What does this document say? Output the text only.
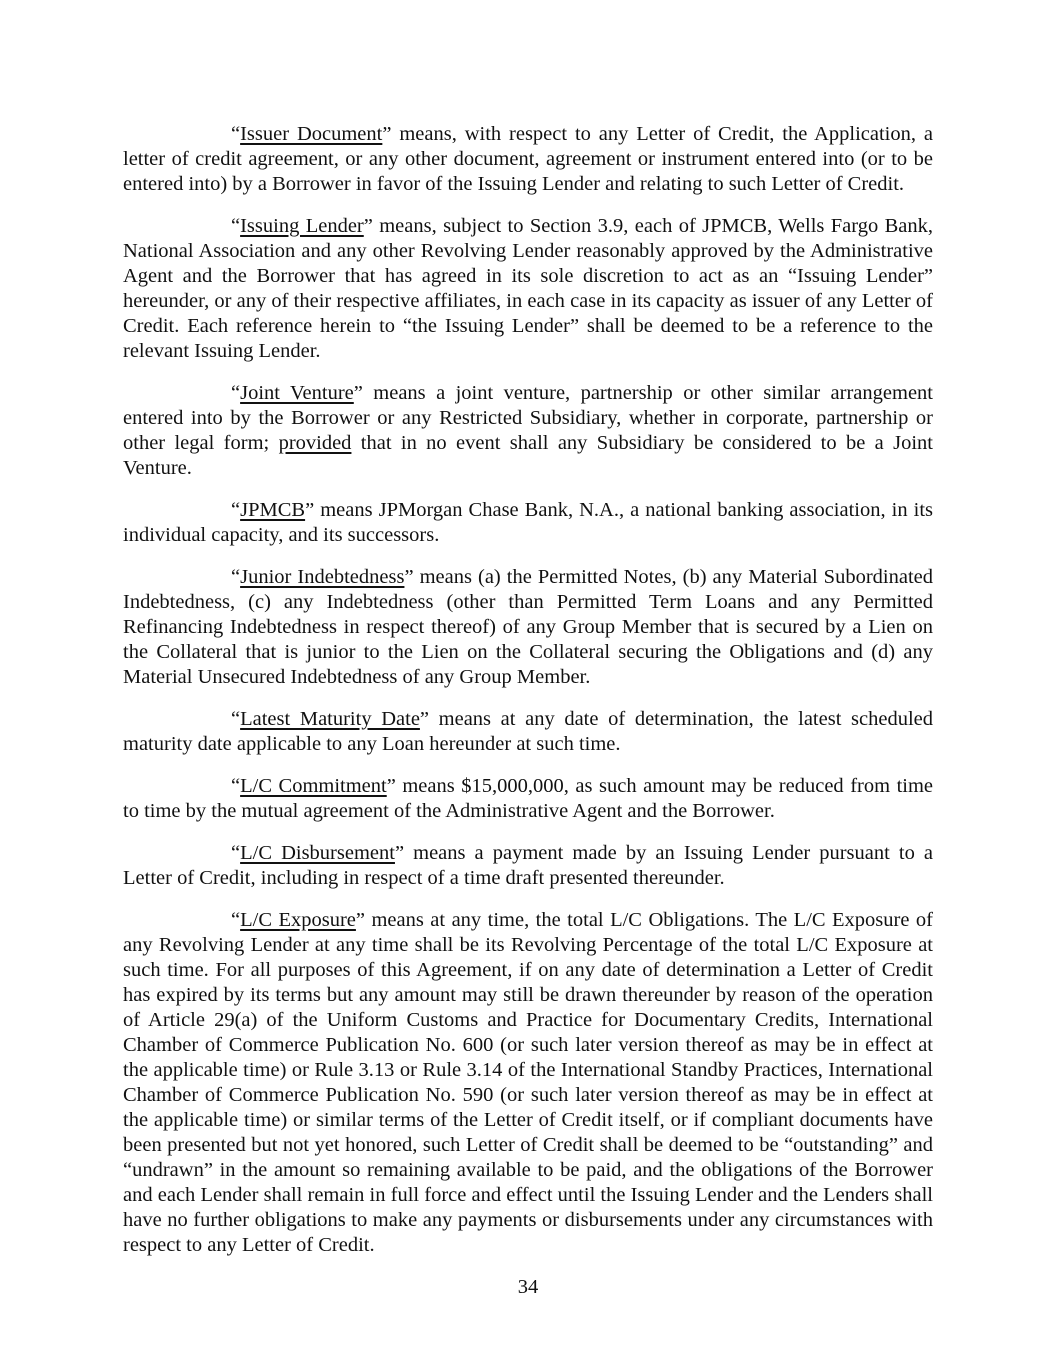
“Issuer Document” means, with respect to any Letter of Credit, the Application, a letter of credit agreement, or any other document, agreement or instrument entered into (or to be entered into) by a Borrower in favor of the Issuing Lender and relating to such Letter of Credit.

“Issuing Lender” means, subject to Section 3.9, each of JPMCB, Wells Fargo Bank, National Association and any other Revolving Lender reasonably approved by the Administrative Agent and the Borrower that has agreed in its sole discretion to act as an “Issuing Lender” hereunder, or any of their respective affiliates, in each case in its capacity as issuer of any Letter of Credit. Each reference herein to “the Issuing Lender” shall be deemed to be a reference to the relevant Issuing Lender.

“Joint Venture” means a joint venture, partnership or other similar arrangement entered into by the Borrower or any Restricted Subsidiary, whether in corporate, partnership or other legal form; provided that in no event shall any Subsidiary be considered to be a Joint Venture.

“JPMCB” means JPMorgan Chase Bank, N.A., a national banking association, in its individual capacity, and its successors.

“Junior Indebtedness” means (a) the Permitted Notes, (b) any Material Subordinated Indebtedness, (c) any Indebtedness (other than Permitted Term Loans and any Permitted Refinancing Indebtedness in respect thereof) of any Group Member that is secured by a Lien on the Collateral that is junior to the Lien on the Collateral securing the Obligations and (d) any Material Unsecured Indebtedness of any Group Member.

“Latest Maturity Date” means at any date of determination, the latest scheduled maturity date applicable to any Loan hereunder at such time.

“L/C Commitment” means $15,000,000, as such amount may be reduced from time to time by the mutual agreement of the Administrative Agent and the Borrower.

“L/C Disbursement” means a payment made by an Issuing Lender pursuant to a Letter of Credit, including in respect of a time draft presented thereunder.

“L/C Exposure” means at any time, the total L/C Obligations. The L/C Exposure of any Revolving Lender at any time shall be its Revolving Percentage of the total L/C Exposure at such time. For all purposes of this Agreement, if on any date of determination a Letter of Credit has expired by its terms but any amount may still be drawn thereunder by reason of the operation of Article 29(a) of the Uniform Customs and Practice for Documentary Credits, International Chamber of Commerce Publication No. 600 (or such later version thereof as may be in effect at the applicable time) or Rule 3.13 or Rule 3.14 of the International Standby Practices, International Chamber of Commerce Publication No. 590 (or such later version thereof as may be in effect at the applicable time) or similar terms of the Letter of Credit itself, or if compliant documents have been presented but not yet honored, such Letter of Credit shall be deemed to be “outstanding” and “undrawn” in the amount so remaining available to be paid, and the obligations of the Borrower and each Lender shall remain in full force and effect until the Issuing Lender and the Lenders shall have no further obligations to make any payments or disbursements under any circumstances with respect to any Letter of Credit.

34
